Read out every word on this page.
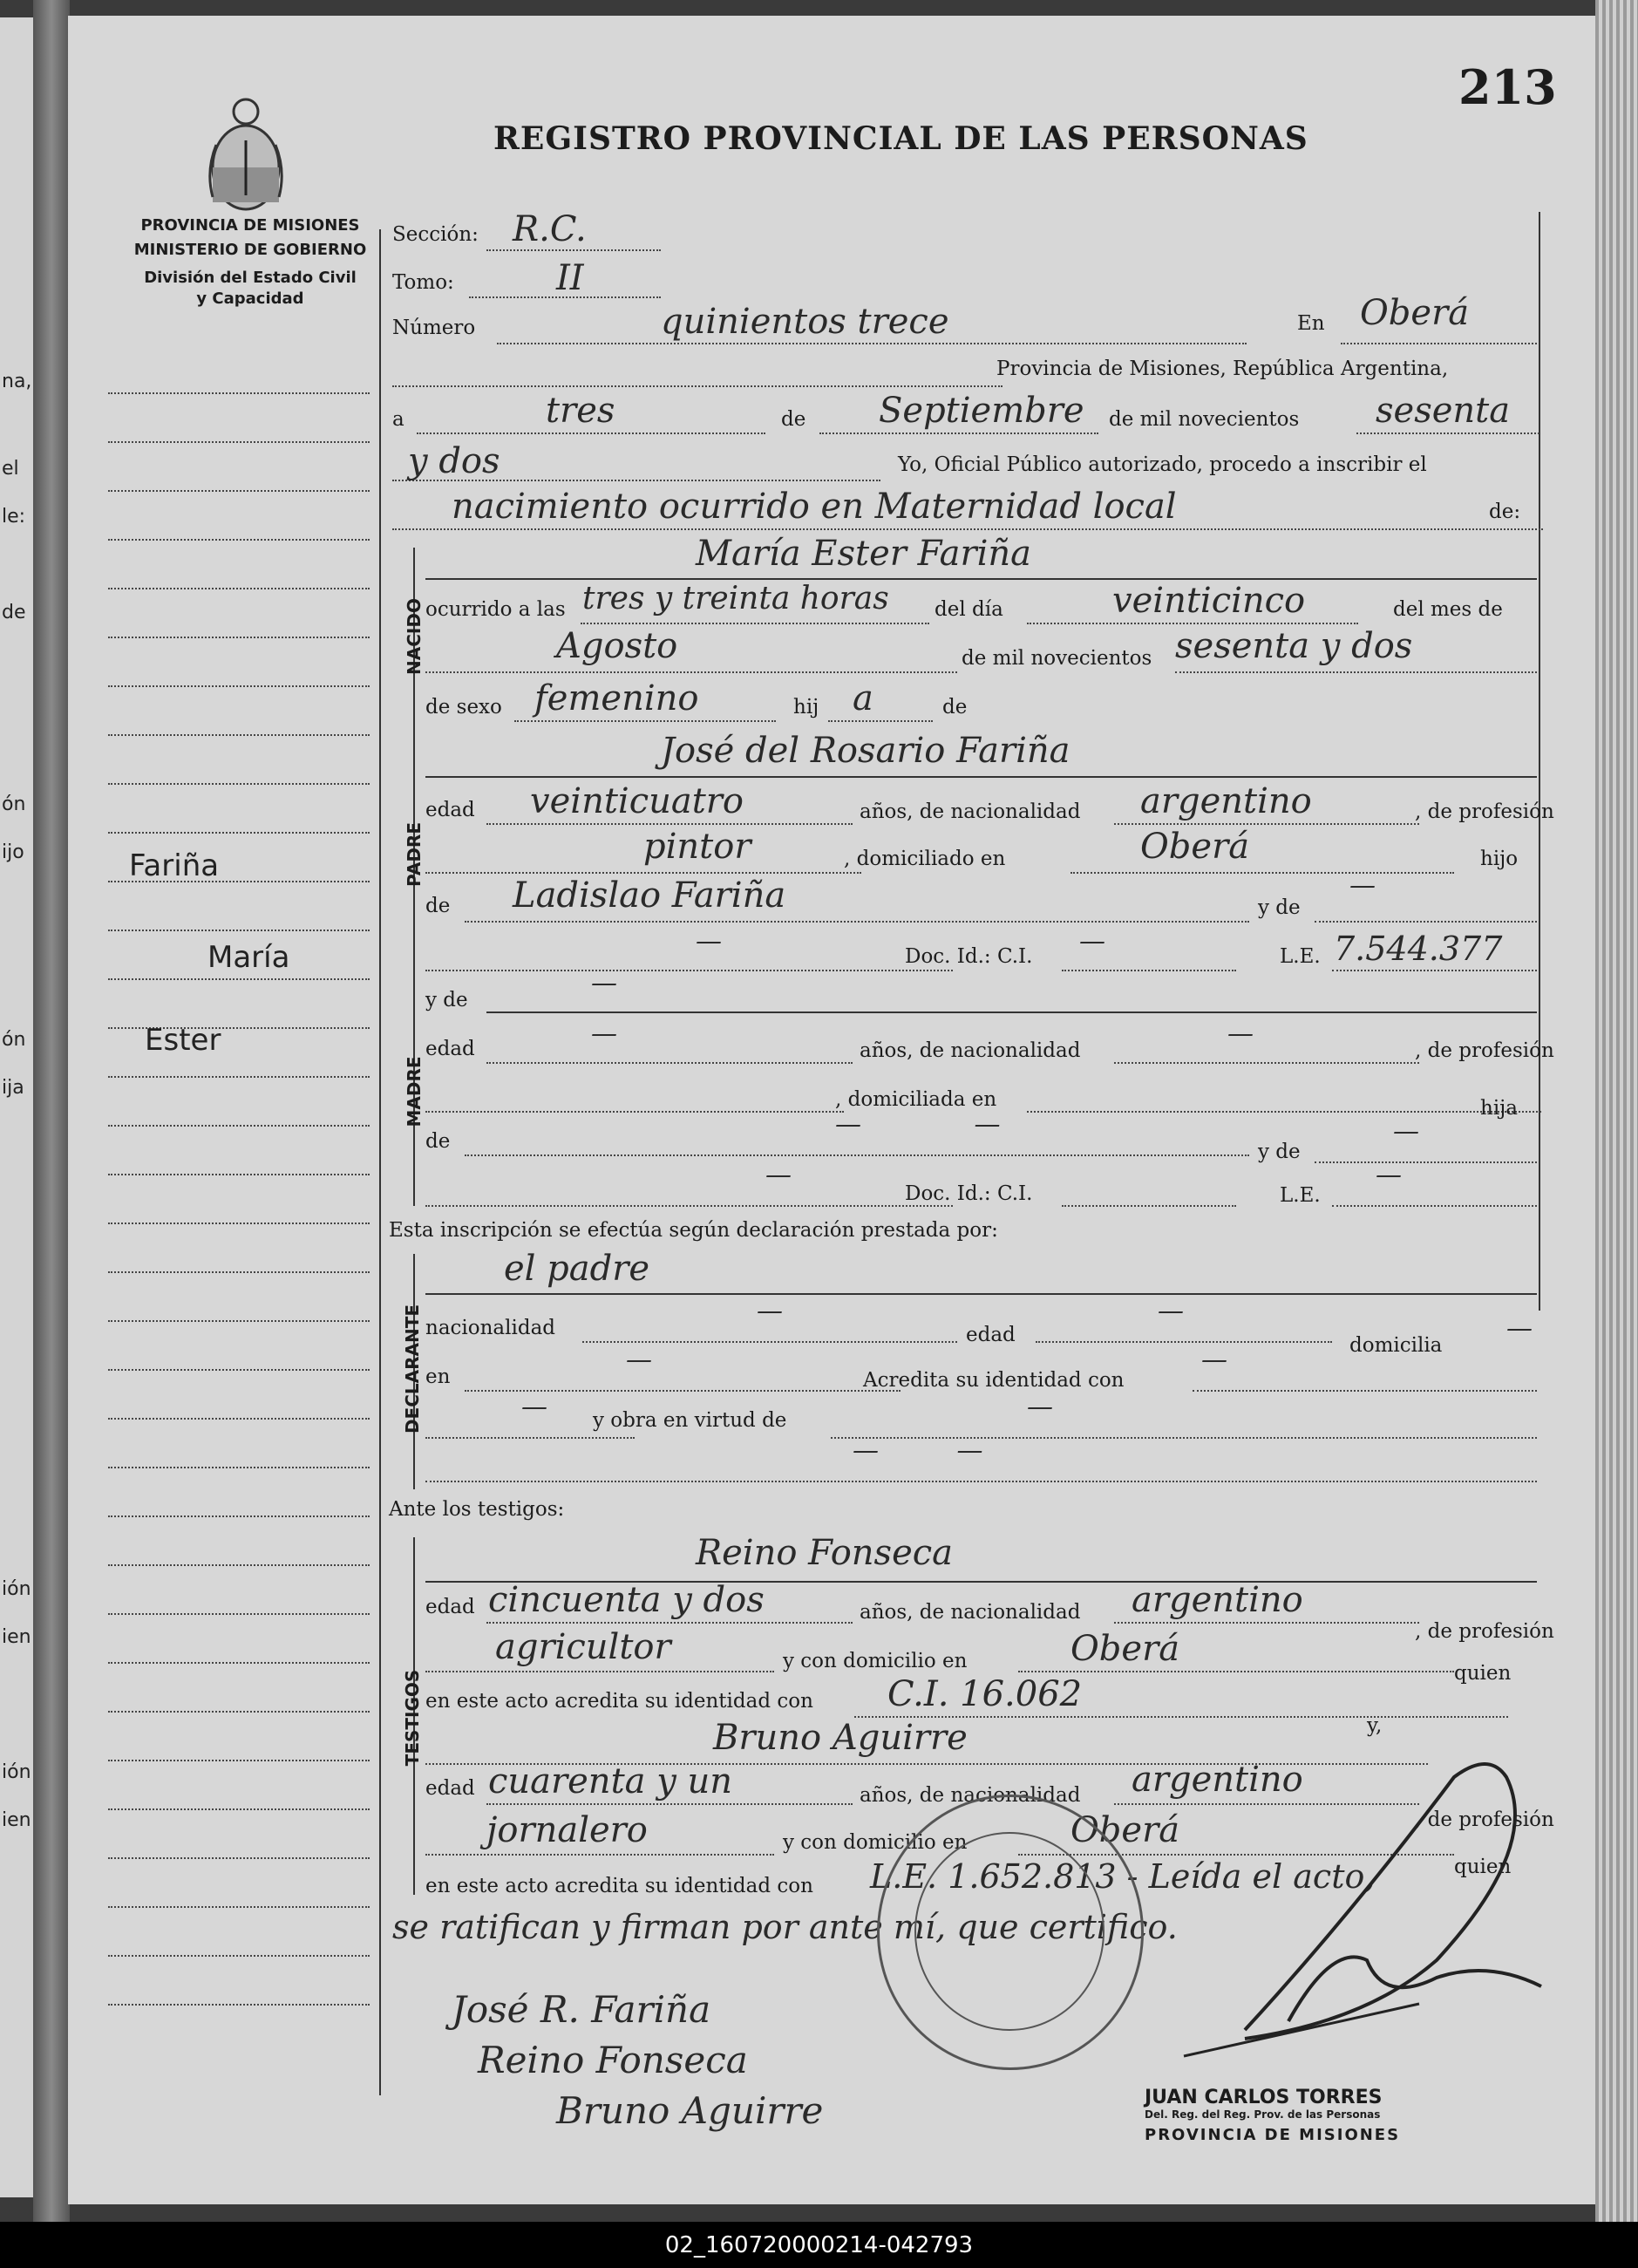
na,
el
le:
de
ón
ijo
ón
ija
ión
ien
ión
ien
213
REGISTRO PROVINCIAL DE LAS PERSONAS
PROVINCIA DE MISIONES
MINISTERIO DE GOBIERNO
División del Estado Civil
y Capacidad
Fariña
María
Ester
Sección: R.C.
Tomo:	II
Número	quinientos trece	En Oberá
Provincia de Misiones, República Argentina,
a	tres	de Septiembre de mil novecientos sesenta
y dos	Yo, Oficial Público autorizado, procedo a inscribir el
nacimiento ocurrido en Maternidad local	de:
NACIDO
María Ester Fariña
ocurrido a las tres y treinta horas del día	veinticinco	del mes de
Agosto	de mil novecientos sesenta y dos
de sexo femenino	hij a	de
PADRE
José del Rosario Fariña
edad veinticuatro	años, de nacionalidad argentino	, de profesión
pintor	, domiciliado en	Oberá	hijo
de Ladislao Fariña	y de
—
—	Doc. Id.: C.I. —	L.E. 7.544.377
MADRE
y de
—
edad	—
años, de nacionalidad
—
, de profesión
, domiciliada en	hija
de
— —
y de
—
—
Doc. Id.: C.I.	L.E.
—
Esta inscripción se efectúa según declaración prestada por:
DECLARANTE
el padre
nacionalidad
—
edad
—
domicilia
—
en
—
Acredita su identidad con
—
— y obra en virtud de	—
— —
Ante los testigos:
TESTIGOS
Reino Fonseca
edad cincuenta y dos	años, de nacionalidad argentino
, de profesión
agricultor	y con domicilio en	Oberá
quien
en este acto acredita su identidad con C.I. 16.062
Bruno Aguirre	y,
edad cuarenta y un	años, de nacionalidad argentino
, de profesión
jornalero	y con domicilio en	Oberá
quien
en este acto acredita su identidad con L.E. 1.652.813 - Leída el acto,
se ratifican y firman por ante mí, que certifico.
José R. Fariña
Reino Fonseca
Bruno Aguirre	JUAN CARLOS TORRES
Del. Reg. del Reg. Prov. de las Personas
PROVINCIA DE MISIONES
02_160720000214-042793
